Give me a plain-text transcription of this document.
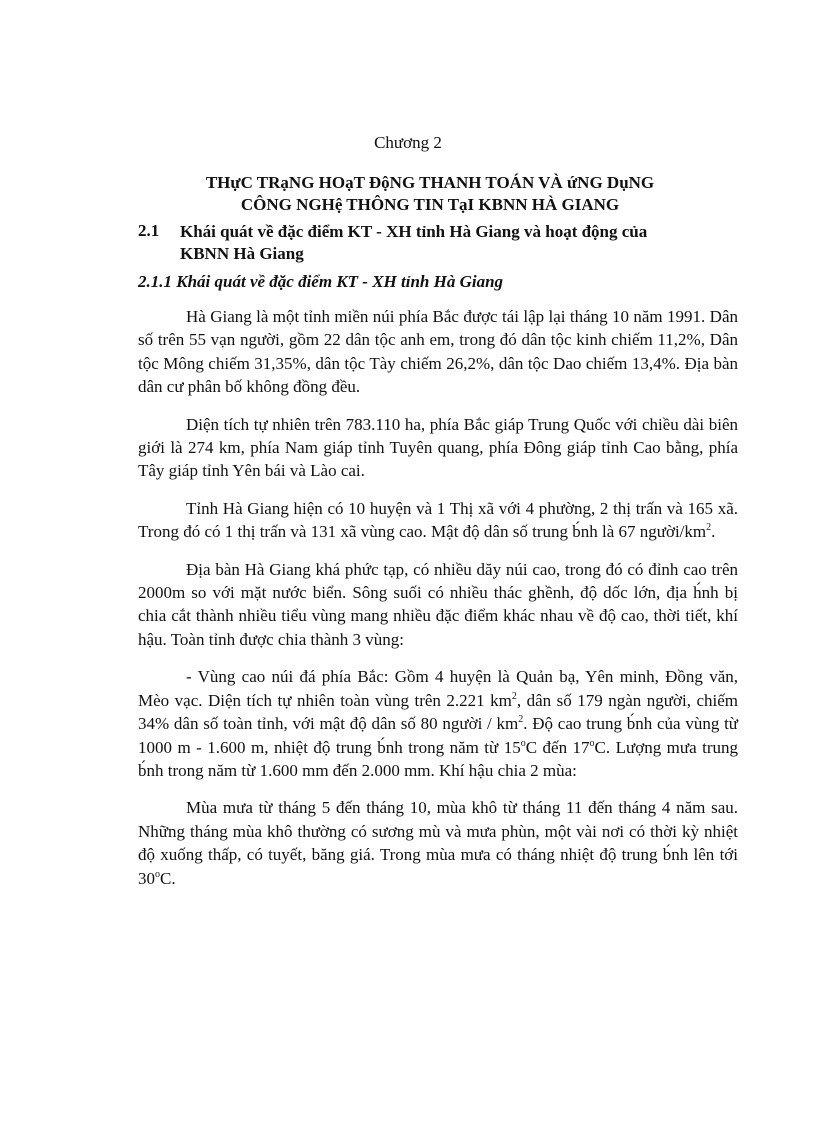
Chương 2
THựC TRạNG HOạT ĐộNG THANH TOÁN VÀ ứNG DụNG
CÔNG NGHệ THÔNG TIN TạI KBNN HÀ GIANG
2.1 Khái quát về đặc điểm KT - XH tỉnh Hà Giang và hoạt động của
KBNN Hà Giang
2.1.1 Khái quát về đặc điểm KT - XH tỉnh Hà Giang

Hà Giang là một tỉnh miền núi phía Bắc được tái lập lại tháng 10 năm 1991. Dân số trên 55 vạn người, gồm 22 dân tộc anh em, trong đó dân tộc kinh chiếm 11,2%, Dân tộc Mông chiếm 31,35%, dân tộc Tày chiếm 26,2%, dân tộc Dao chiếm 13,4%. Địa bàn dân cư phân bố không đồng đều.

Diện tích tự nhiên trên 783.110 ha, phía Bắc giáp Trung Quốc với chiều dài biên giới là 274 km, phía Nam giáp tỉnh Tuyên quang, phía Đông giáp tỉnh Cao bằng, phía Tây giáp tỉnh Yên bái và Lào cai.

Tỉnh Hà Giang hiện có 10 huyện và 1 Thị xã với 4 phường, 2 thị trấn và 165 xã. Trong đó có 1 thị trấn và 131 xã vùng cao. Mật độ dân số trung b́nh là 67 người/$km^2$.

Địa bàn Hà Giang khá phức tạp, có nhiều dăy núi cao, trong đó có đỉnh cao trên 2000m so với mặt nước biển. Sông suối có nhiều thác ghềnh, độ dốc lớn, địa h́nh bị chia cắt thành nhiều tiểu vùng mang nhiều đặc điểm khác nhau về độ cao, thời tiết, khí hậu. Toàn tỉnh được chia thành 3 vùng:

- Vùng cao núi đá phía Bắc: Gồm 4 huyện là Quản bạ, Yên minh, Đồng văn, Mèo vạc. Diện tích tự nhiên toàn vùng trên 2.221 $km^2$, dân số 179 ngàn người, chiếm 34% dân số toàn tỉnh, với mật độ dân số 80 người / $km^2$. Độ cao trung b́nh của vùng từ 1000 m - 1.600 m, nhiệt độ trung b́nh trong năm từ 15$^o$C đến 17$^o$C. Lượng mưa trung b́nh trong năm từ 1.600 mm đến 2.000 mm. Khí hậu chia 2 mùa:

Mùa mưa từ tháng 5 đến tháng 10, mùa khô từ tháng 11 đến tháng 4 năm sau. Những tháng mùa khô thường có sương mù và mưa phùn, một vài nơi có thời kỳ nhiệt độ xuống thấp, có tuyết, băng giá. Trong mùa mưa có tháng nhiệt độ trung b́nh lên tới 30$^o$C.
